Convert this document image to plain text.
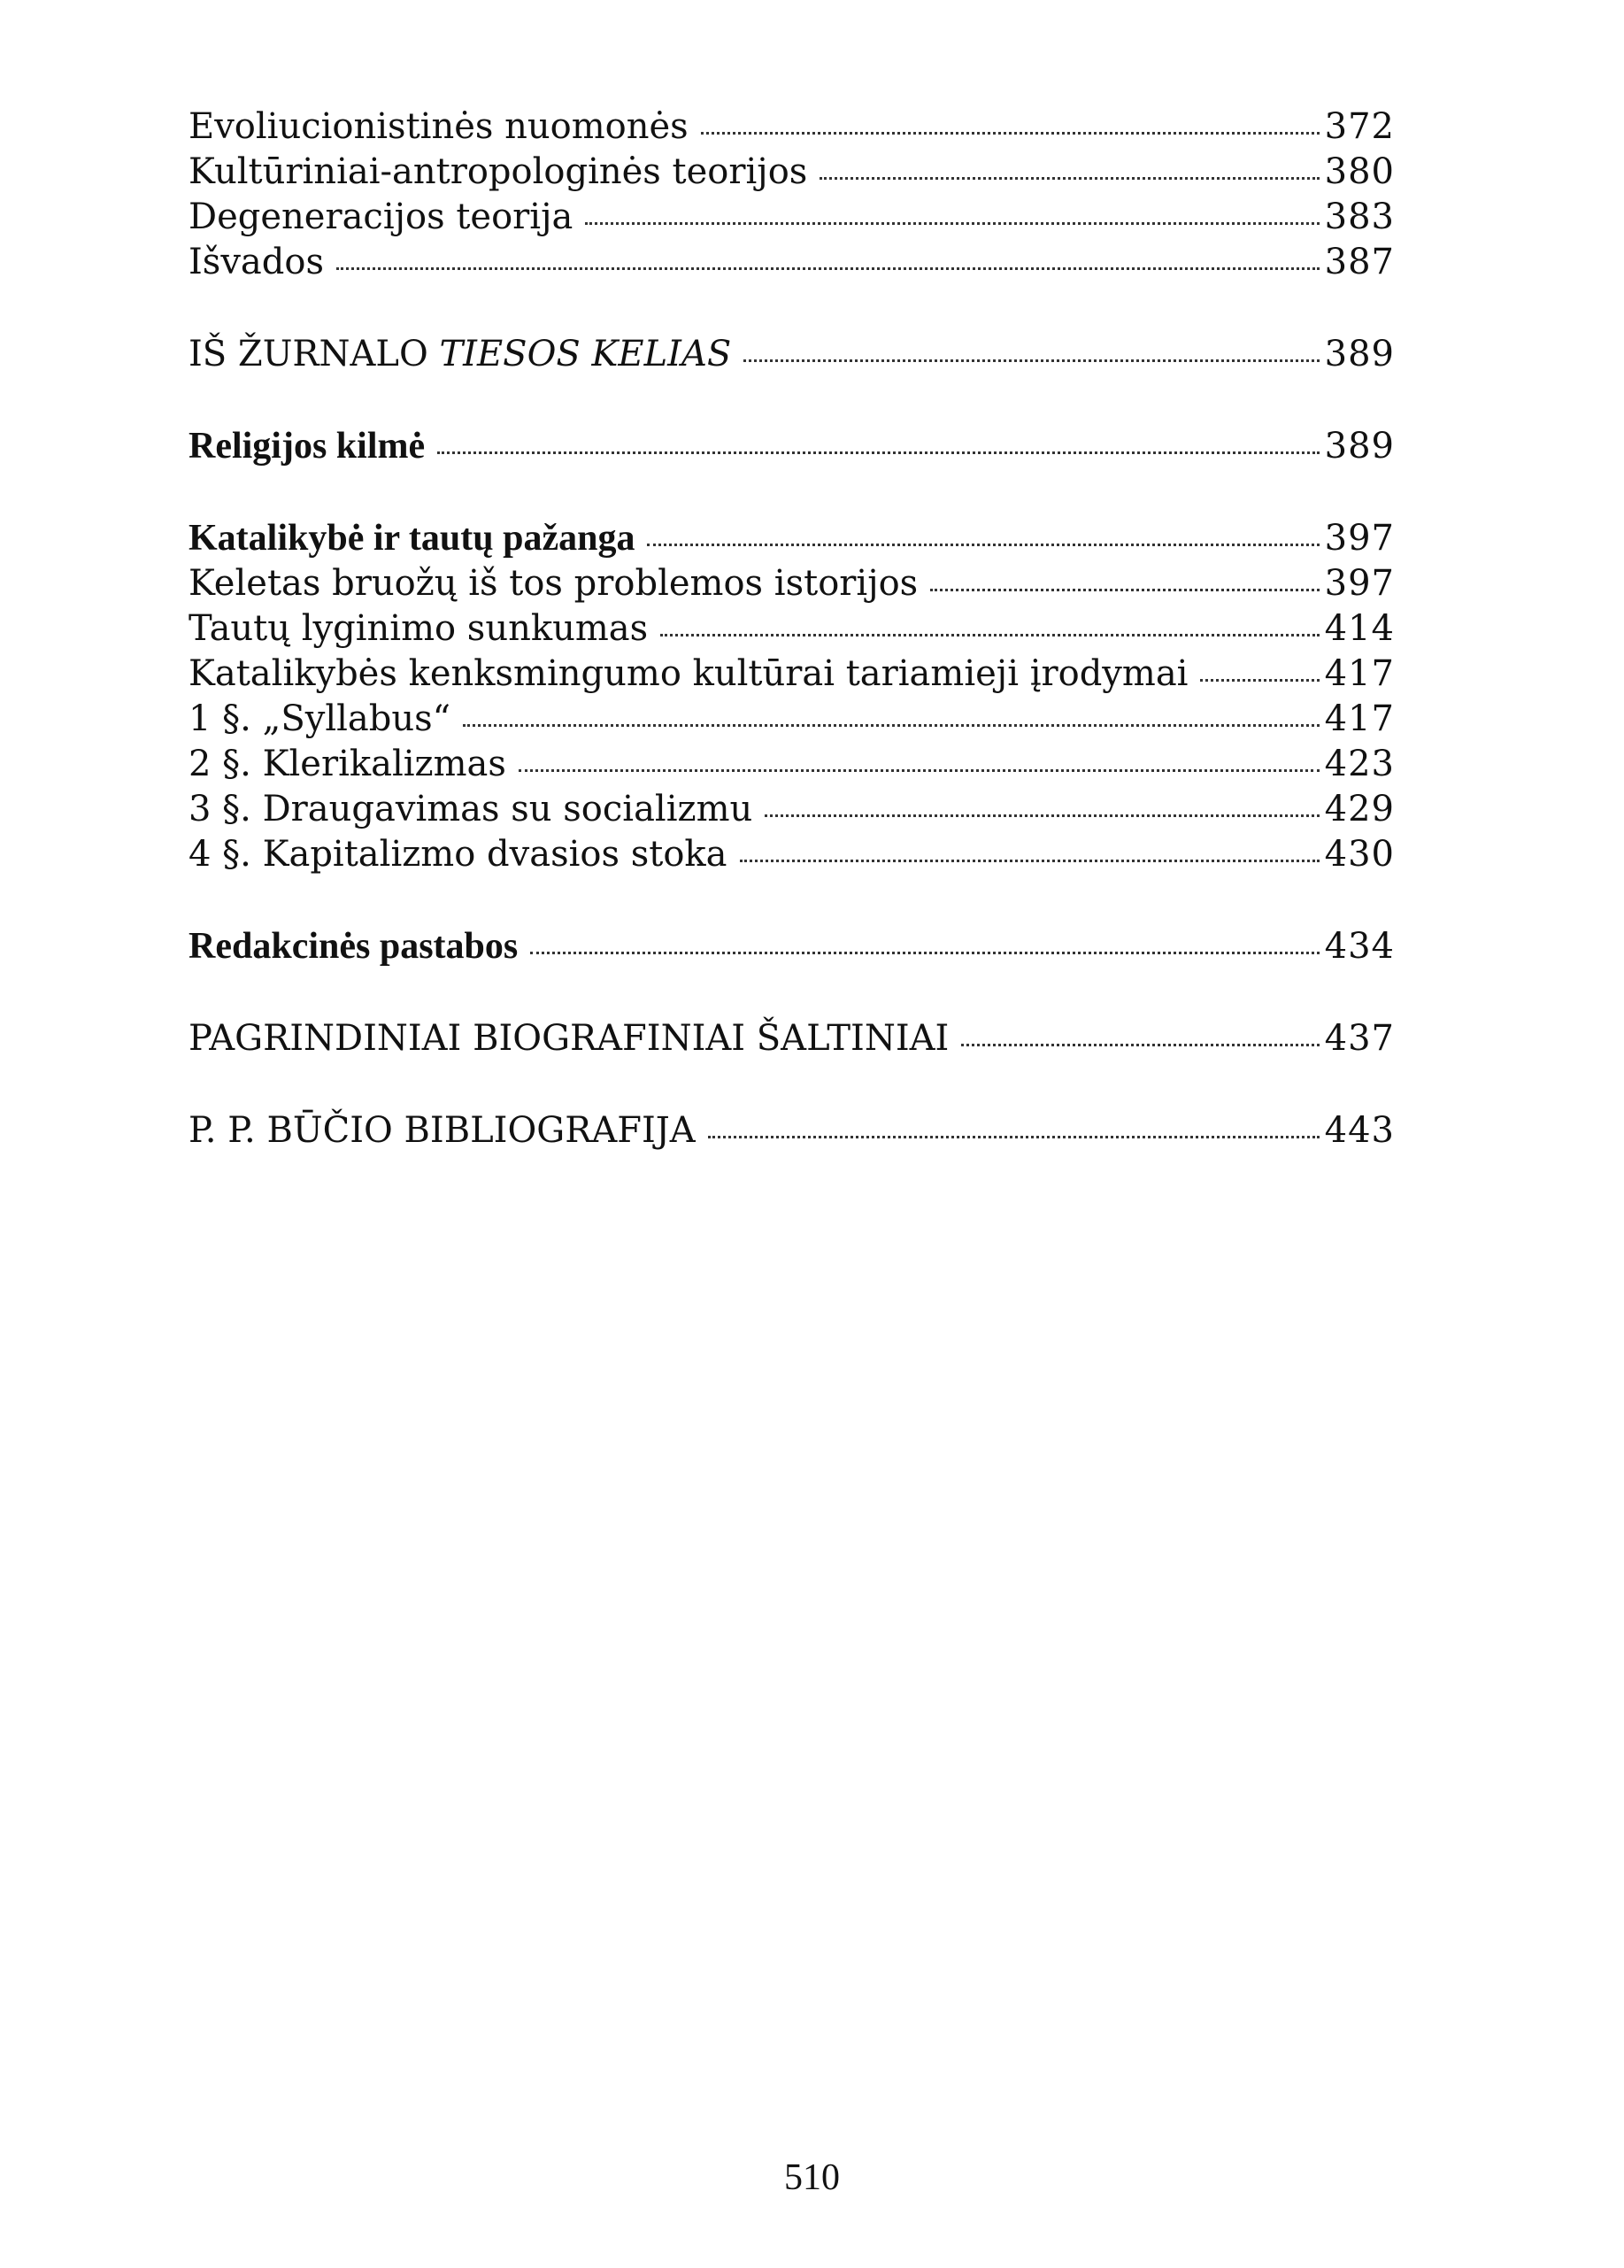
Evoliucionistinės nuomonės	372
Kultūriniai-antropologinės teorijos	380
Degeneracijos teorija	383
Išvados	387
IŠ ŽURNALO TIESOS KELIAS	389
Religijos kilmė	389
Katalikybė ir tautų pažanga	397
Keletas bruožų iš tos problemos istorijos	397
Tautų lyginimo sunkumas	414
Katalikybės kenksmingumo kultūrai tariamieji įrodymai	417
1 §. „Syllabus“	417
2 §. Klerikalizmas	423
3 §. Draugavimas su socializmu	429
4 §. Kapitalizmo dvasios stoka	430
Redakcinės pastabos	434
PAGRINDINIAI BIOGRAFINIAI ŠALTINIAI	437
P. P. BŪČIO BIBLIOGRAFIJA	443
510
